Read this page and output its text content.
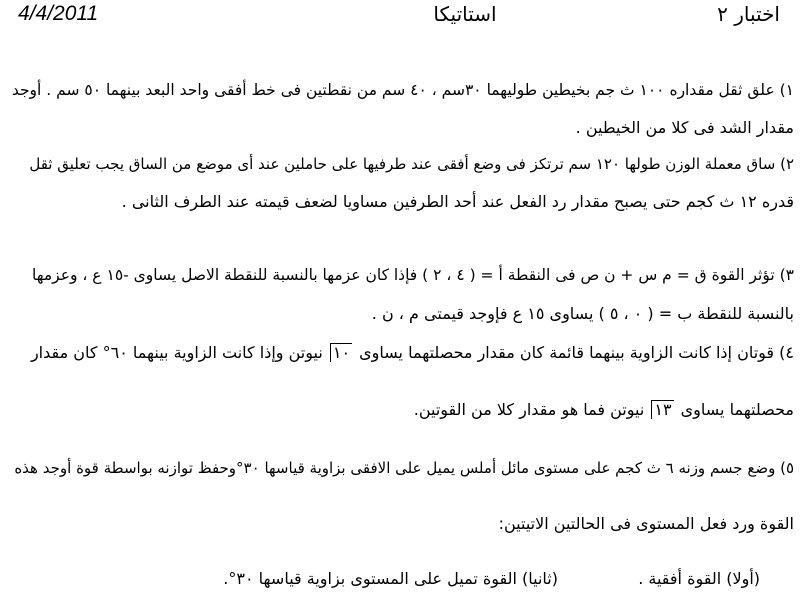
4/4/2011	استاتيكا	اختبار ٢
١) علق ثقل مقداره ١٠٠ ث جم بخيطين طوليهما ٣٠سم ، ٤٠ سم من نقطتين فى خط أفقى واحد البعد بينهما ٥٠ سم . أوجد
مقدار الشد فى كلا من الخيطين .
٢) ساق معملة الوزن طولها ١٢٠ سم ترتكز فى وضع أفقى عند طرفيها على حاملين عند أى موضع من الساق يجب تعليق ثقل
قدره ١٢ ث كجم حتى يصبح مقدار رد الفعل عند أحد الطرفين مساويا لضعف قيمته عند الطرف الثانى .
٣) تؤثر القوة ق = م س + ن ص فى النقطة أ = ( ٤ ، ٢ ) فإذا كان عزمها بالنسبة للنقطة الاصل يساوى -١٥ ع ، وعزمها
بالنسبة للنقطة ب = ( ٠ ، ٥ ) يساوى ١٥ ع فإوجد قيمتى م ، ن .
٤) قوتان إذا كانت الزاوية بينهما قائمة كان مقدار محصلتهما يساوى ١٠ نيوتن وإذا كانت الزاوية بينهما ٦٠° كان مقدار
محصلتهما يساوى ١٣ نيوتن فما هو مقدار كلا من القوتين.
٥) وضع جسم وزنه ٦ ث كجم على مستوى مائل أملس يميل على الافقى بزاوية قياسها ٣٠°وحفظ توازنه بواسطة قوة أوجد هذه
القوة ورد فعل المستوى فى الحالتين الاتيتين:
(أولا) القوة أفقية .
(ثانيا) القوة تميل على المستوى بزاوية قياسها ٣٠°.
